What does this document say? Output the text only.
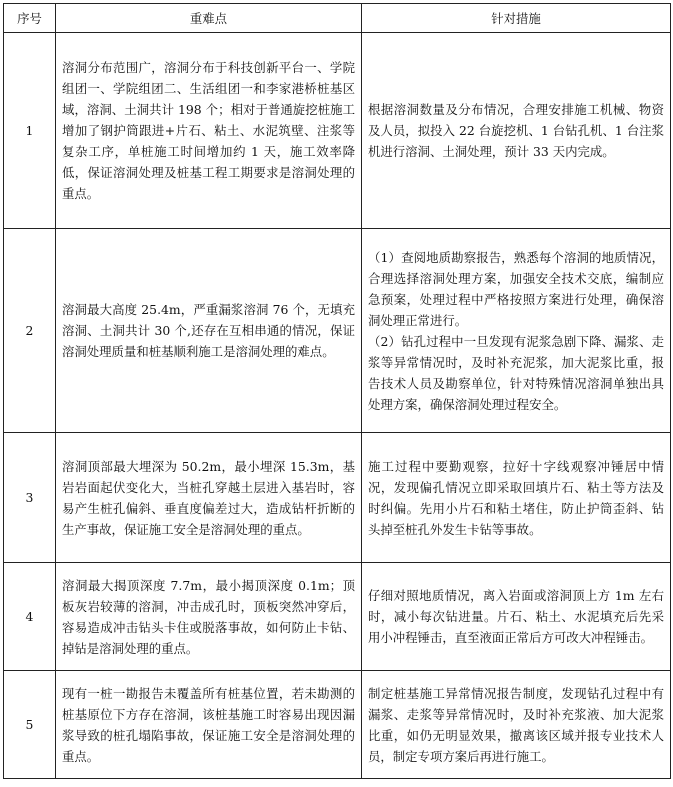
序号	重难点	针对措施
1	溶洞分布范围广，溶洞分布于科技创新平台一、学院组团一、学院组团二、生活组团一和李家港桥桩基区域，溶洞、土洞共计 198 个；相对于普通旋挖桩施工增加了钢护筒跟进+片石、粘土、水泥筑壁、注浆等复杂工序，单桩施工时间增加约 1 天，施工效率降低，保证溶洞处理及桩基工程工期要求是溶洞处理的重点。	根据溶洞数量及分布情况，合理安排施工机械、物资及人员，拟投入 22 台旋挖机、1 台钻孔机、1 台注浆机进行溶洞、土洞处理，预计 33 天内完成。

2	溶洞最大高度 25.4m，严重漏浆溶洞 76 个，无填充溶洞、土洞共计 30 个,还存在互相串通的情况，保证溶洞处理质量和桩基顺利施工是溶洞处理的难点。	（1）查阅地质勘察报告，熟悉每个溶洞的地质情况，合理选择溶洞处理方案，加强安全技术交底，编制应急预案，处理过程中严格按照方案进行处理，确保溶洞处理正常进行。
（2）钻孔过程中一旦发现有泥浆急剧下降、漏浆、走浆等异常情况时，及时补充泥浆，加大泥浆比重，报告技术人员及勘察单位，针对特殊情况溶洞单独出具处理方案，确保溶洞处理过程安全。

3	溶洞顶部最大埋深为 50.2m，最小埋深 15.3m，基岩岩面起伏变化大，当桩孔穿越土层进入基岩时，容易产生桩孔偏斜、垂直度偏差过大，造成钻杆折断的生产事故，保证施工安全是溶洞处理的重点。	施工过程中要勤观察，拉好十字线观察冲锤居中情况，发现偏孔情况立即采取回填片石、粘土等方法及时纠偏。先用小片石和粘土堵住，防止护筒歪斜、钻头掉至桩孔外发生卡钻等事故。

4	溶洞最大揭顶深度 7.7m，最小揭顶深度 0.1m；顶板灰岩较薄的溶洞，冲击成孔时，顶板突然冲穿后，容易造成冲击钻头卡住或脱落事故，如何防止卡钻、掉钻是溶洞处理的重点。	仔细对照地质情况，离入岩面或溶洞顶上方 1m 左右时，减小每次钻进量。片石、粘土、水泥填充后先采用小冲程锤击，直至液面正常后方可改大冲程锤击。

5	现有一桩一勘报告未覆盖所有桩基位置，若未勘测的桩基原位下方存在溶洞，该桩基施工时容易出现因漏浆导致的桩孔塌陷事故，保证施工安全是溶洞处理的重点。	制定桩基施工异常情况报告制度，发现钻孔过程中有漏浆、走浆等异常情况时，及时补充浆液、加大泥浆比重，如仍无明显效果，撤离该区域并报专业技术人员，制定专项方案后再进行施工。
